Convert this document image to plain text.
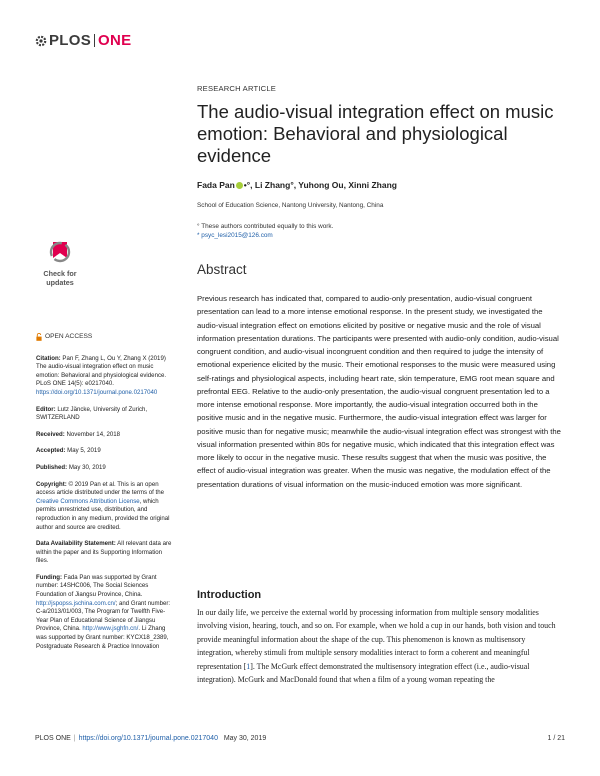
PLOS ONE
RESEARCH ARTICLE
The audio-visual integration effect on music emotion: Behavioral and physiological evidence
Fada Pan •°, Li Zhang °, Yuhong Ou, Xinni Zhang
School of Education Science, Nantong University, Nantong, China
° These authors contributed equally to this work.
* psyc_lesi2015@126.com
Check for
updates
OPEN ACCESS

Citation: Pan F, Zhang L, Ou Y, Zhang X (2019) The audio-visual integration effect on music emotion: Behavioral and physiological evidence. PLoS ONE 14(5): e0217040. https://doi.org/10.1371/journal.pone.0217040

Editor: Lutz Jäncke, University of Zurich, SWITZERLAND

Received: November 14, 2018

Accepted: May 5, 2019

Published: May 30, 2019

Copyright: © 2019 Pan et al. This is an open access article distributed under the terms of the Creative Commons Attribution License, which permits unrestricted use, distribution, and reproduction in any medium, provided the original author and source are credited.

Data Availability Statement: All relevant data are within the paper and its Supporting Information files.

Funding: Fada Pan was supported by Grant number: 14SHC006, The Social Sciences Foundation of Jiangsu Province, China. http://jspopss.jschina.com.cn/; and Grant number: C-a/2013/01/003, The Program for Twelfth Five-Year Plan of Educational Science of Jiangsu Province, China. http://www.jsghfn.cn/. Li Zhang was supported by Grant number: KYCX18_2389, Postgraduate Research & Practice Innovation

Abstract

Previous research has indicated that, compared to audio-only presentation, audio-visual congruent presentation can lead to a more intense emotional response. In the present study, we investigated the audio-visual integration effect on emotions elicited by positive or negative music and the role of visual information presentation durations. The participants were presented with audio-only condition, audio-visual congruent condition, and audio-visual incongruent condition and then required to judge the intensity of emotional experience elicited by the music. Their emotional responses to the music were measured using self-ratings and physiological aspects, including heart rate, skin temperature, EMG root mean square and prefrontal EEG. Relative to the audio-only presentation, the audio-visual congruent presentation led to a more intense emotional response. More importantly, the audio-visual integration occurred both in the positive music and in the negative music. Furthermore, the audio-visual integration effect was larger for positive music than for negative music; meanwhile the audio-visual integration effect was strongest with the visual information presented within 80s for negative music, which indicated that this integration effect was more likely to occur in the negative music. These results suggest that when the music was positive, the effect of audio-visual integration was greater. When the music was negative, the modulation effect of the presentation durations of visual information on the music-induced emotion was more significant.

Introduction

In our daily life, we perceive the external world by processing information from multiple sensory modalities involving vision, hearing, touch, and so on. For example, when we hold a cup in our hands, both vision and touch provide meaningful information about the shape of the cup. This phenomenon is known as multisensory integration, whereby stimuli from multiple sensory modalities interact to form a coherent and meaningful representation [1]. The McGurk effect demonstrated the multisensory integration effect (i.e., audio-visual integration). McGurk and MacDonald found that when a film of a young woman repeating the

PLOS ONE | https://doi.org/10.1371/journal.pone.0217040 May 30, 2019	1 / 21
